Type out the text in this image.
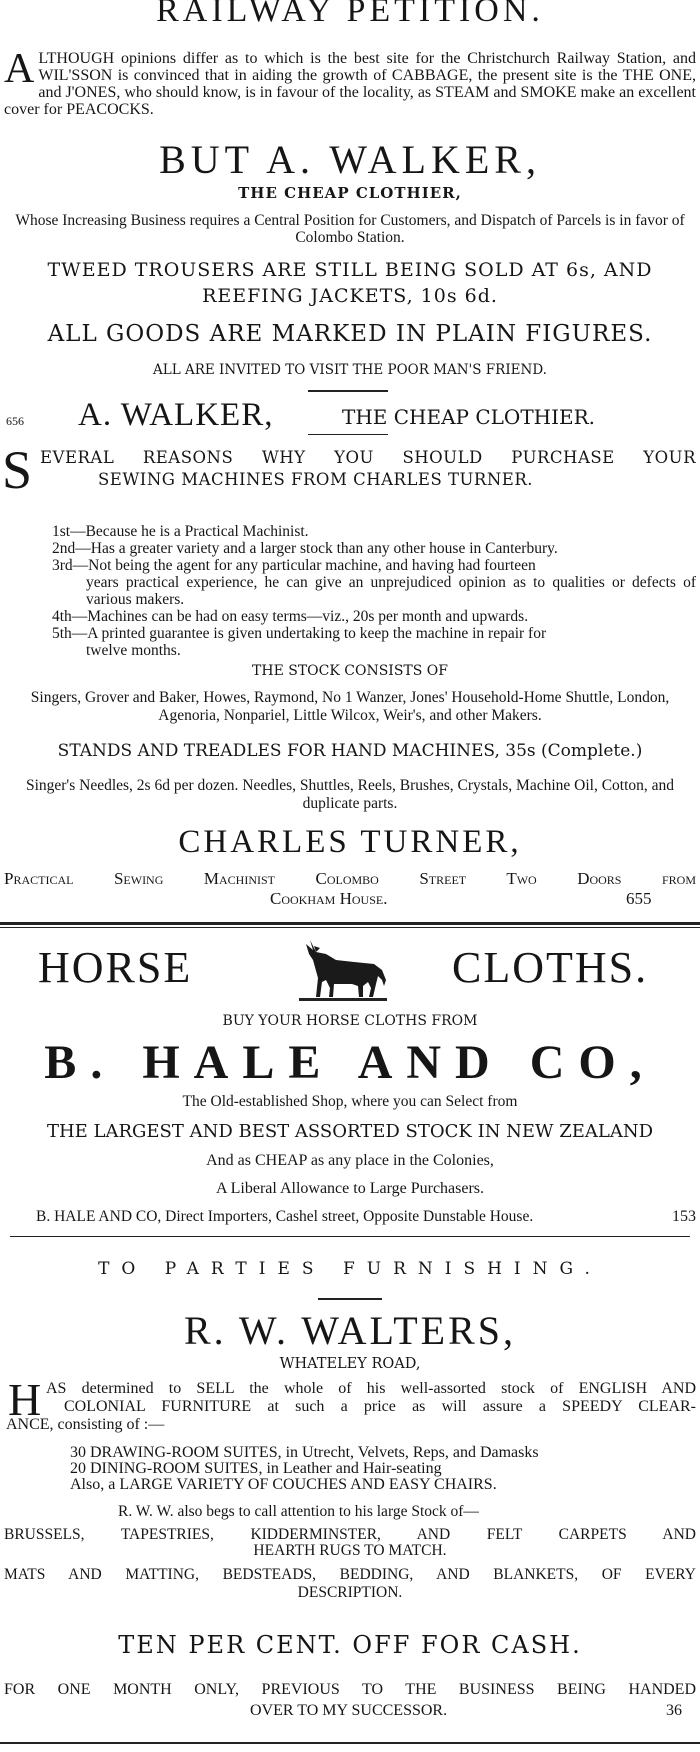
RAILWAY PETITION.
A LTHOUGH opinions differ as to which is the best site for the Christchurch Railway Station, and WIL'SSON is convinced that in aiding the growth of CABBAGE, the present site is the THE ONE, and J'ONES, who should know, is in favour of the locality, as STEAM and SMOKE make an excellent cover for PEACOCKS.
BUT A. WALKER,
THE CHEAP CLOTHIER,
Whose Increasing Business requires a Central Position for Customers, and Dispatch of Parcels is in favor of Colombo Station.
TWEED TROUSERS ARE STILL BEING SOLD AT 6s, AND
REEFING JACKETS, 10s 6d.
ALL GOODS ARE MARKED IN PLAIN FIGURES.
ALL ARE INVITED TO VISIT THE POOR MAN'S FRIEND.
656 A. WALKER,	THE CHEAP CLOTHIER.
S EVERAL REASONS WHY YOU SHOULD PURCHASE YOUR
SEWING MACHINES FROM CHARLES TURNER.
1st—Because he is a Practical Machinist.
2nd—Has a greater variety and a larger stock than any other house in Canterbury.
3rd—Not being the agent for any particular machine, and having had fourteen
years practical experience, he can give an unprejudiced opinion as to qualities or defects of various makers.
4th—Machines can be had on easy terms—viz., 20s per month and upwards.
5th—A printed guarantee is given undertaking to keep the machine in repair for
twelve months.
THE STOCK CONSISTS OF
Singers, Grover and Baker, Howes, Raymond, No 1 Wanzer, Jones' Household-Home Shuttle, London, Agenoria, Nonpariel, Little Wilcox, Weir's, and other Makers.
STANDS AND TREADLES FOR HAND MACHINES, 35s (Complete.)
Singer's Needles, 2s 6d per dozen. Needles, Shuttles, Reels, Brushes, Crystals, Machine Oil, Cotton, and duplicate parts.
CHARLES TURNER,
Practical Sewing Machinist Colombo Street Two Doors from
Cookham House.	655
HORSE	CLOTHS.
BUY YOUR HORSE CLOTHS FROM
B. HALE AND CO,
The Old-established Shop, where you can Select from
THE LARGEST AND BEST ASSORTED STOCK IN NEW ZEALAND
And as CHEAP as any place in the Colonies,
A Liberal Allowance to Large Purchasers.
B. HALE AND CO, Direct Importers, Cashel street, Opposite Dunstable House.	153
TO PARTIES FURNISHING.
R. W. WALTERS,
WHATELEY ROAD,
H AS determined to SELL the whole of his well-assorted stock of ENGLISH AND
COLONIAL FURNITURE at such a price as will assure a SPEEDY CLEAR-
ANCE, consisting of :—
30 DRAWING-ROOM SUITES, in Utrecht, Velvets, Reps, and Damasks
20 DINING-ROOM SUITES, in Leather and Hair-seating
Also, a LARGE VARIETY OF COUCHES AND EASY CHAIRS.
R. W. W. also begs to call attention to his large Stock of—
BRUSSELS, TAPESTRIES, KIDDERMINSTER, AND FELT CARPETS AND
HEARTH RUGS TO MATCH.
MATS AND MATTING, BEDSTEADS, BEDDING, AND BLANKETS, OF EVERY
DESCRIPTION.
TEN PER CENT. OFF FOR CASH.
FOR ONE MONTH ONLY, PREVIOUS TO THE BUSINESS BEING HANDED
OVER TO MY SUCCESSOR.	36
